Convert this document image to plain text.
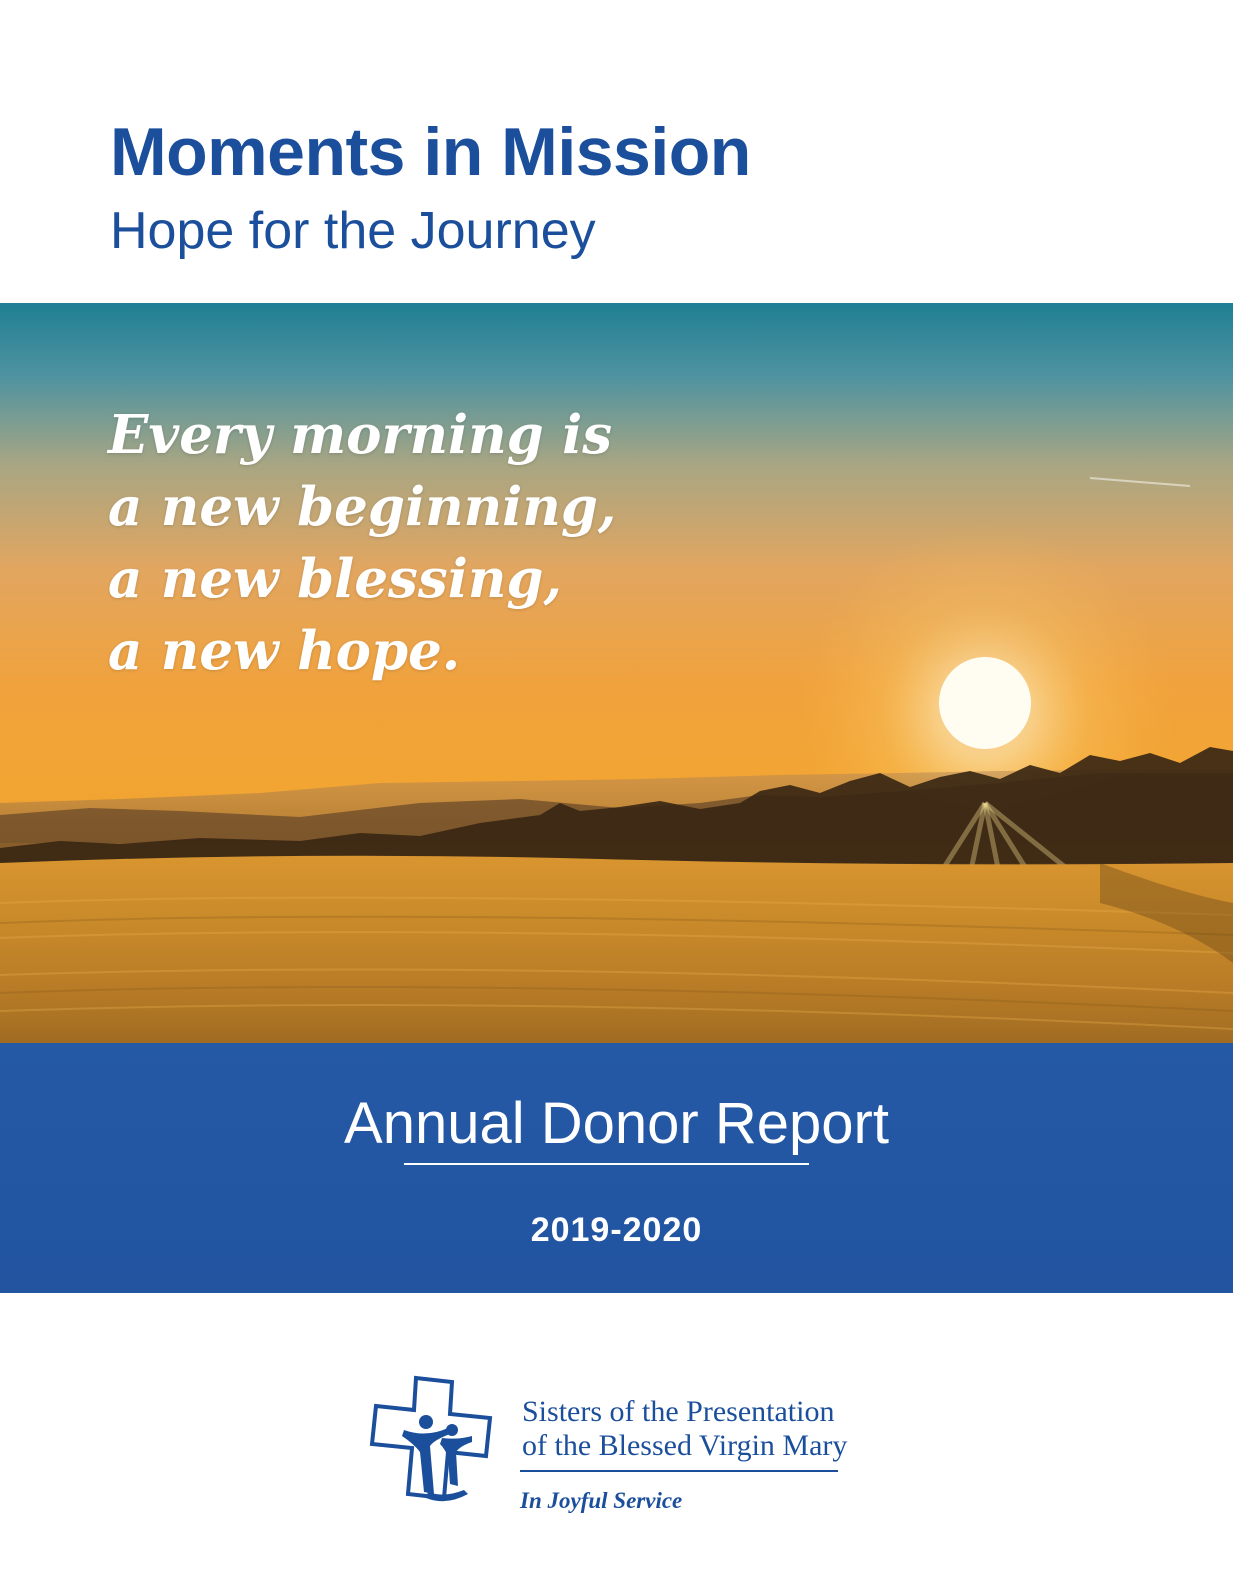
Moments in Mission
Hope for the Journey
Every morning is
a new beginning,
a new blessing,
a new hope.
Annual Donor Report
2019-2020
Sisters of the Presentation
of the Blessed Virgin Mary
In Joyful Service
